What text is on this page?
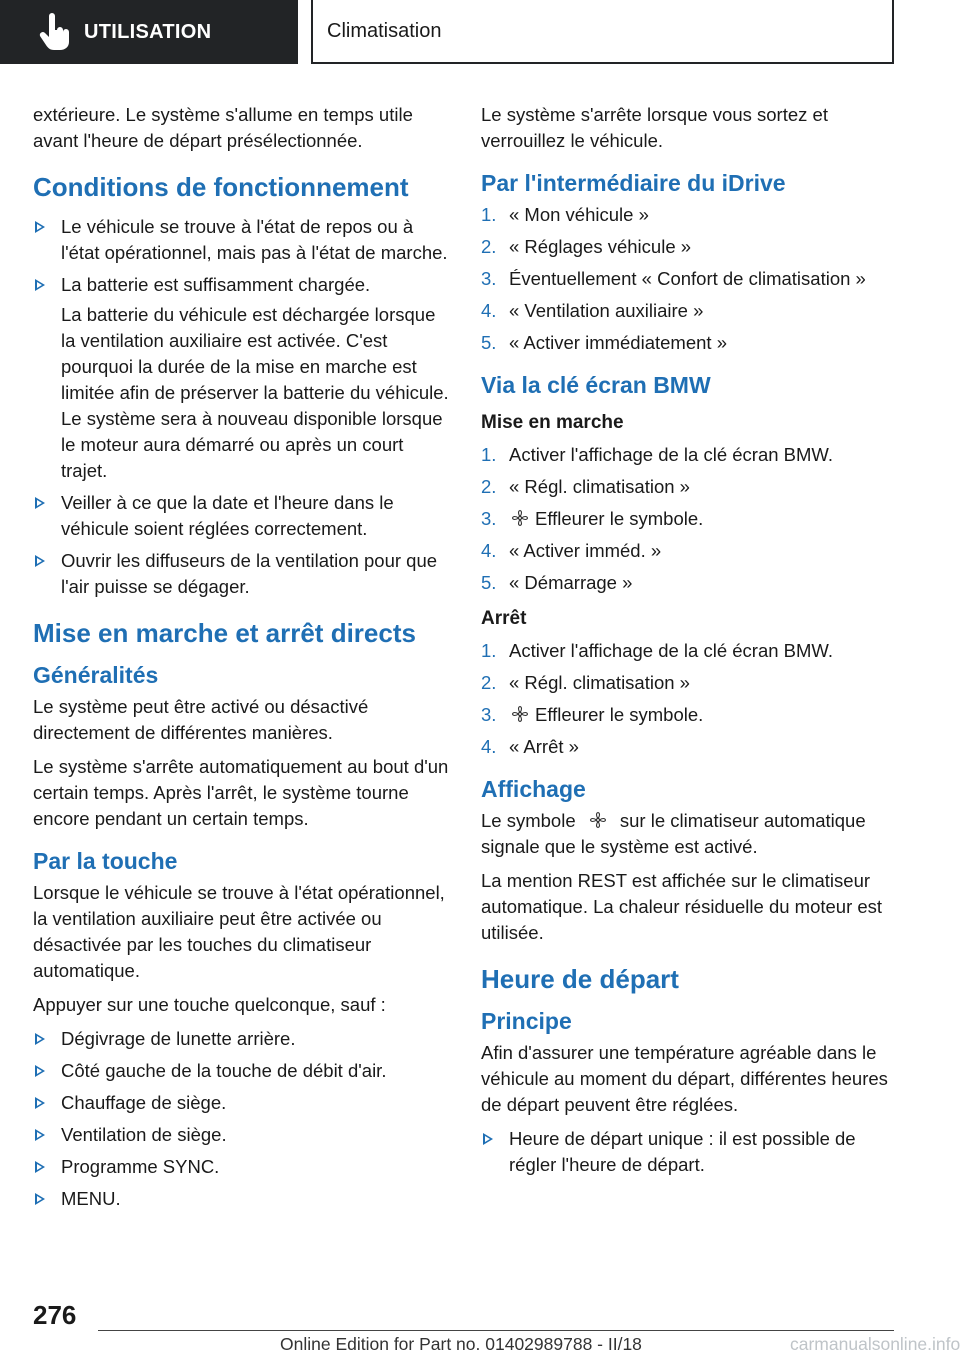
UTILISATION	Climatisation

extérieure. Le système s'allume en temps utile avant l'heure de départ présélectionnée.

Conditions de fonctionnement
Le véhicule se trouve à l'état de repos ou à l'état opérationnel, mais pas à l'état de marche.
La batterie est suffisamment chargée.
La batterie du véhicule est déchargée lorsque la ventilation auxiliaire est activée. C'est pourquoi la durée de la mise en marche est limitée afin de préserver la batterie du véhicule. Le système sera à nouveau disponible lorsque le moteur aura démarré ou après un court trajet.
Veiller à ce que la date et l'heure dans le véhicule soient réglées correctement.
Ouvrir les diffuseurs de la ventilation pour que l'air puisse se dégager.
Mise en marche et arrêt directs
Généralités

Le système peut être activé ou désactivé directement de différentes manières.

Le système s'arrête automatiquement au bout d'un certain temps. Après l'arrêt, le système tourne encore pendant un certain temps.

Par la touche

Lorsque le véhicule se trouve à l'état opérationnel, la ventilation auxiliaire peut être activée ou désactivée par les touches du climatiseur automatique.

Appuyer sur une touche quelconque, sauf :

Dégivrage de lunette arrière.
Côté gauche de la touche de débit d'air.
Chauffage de siège.
Ventilation de siège.
Programme SYNC.
MENU.

Le système s'arrête lorsque vous sortez et verrouillez le véhicule.

Par l'intermédiaire du iDrive
1. « Mon véhicule »
2. « Réglages véhicule »
3. Éventuellement « Confort de climatisation »
4. « Ventilation auxiliaire »
5. « Activer immédiatement »
Via la clé écran BMW
Mise en marche
1. Activer l'affichage de la clé écran BMW.
2. « Régl. climatisation »
3. Effleurer le symbole.
4. « Activer imméd. »
5. « Démarrage »
Arrêt
1. Activer l'affichage de la clé écran BMW.
2. « Régl. climatisation »
3. Effleurer le symbole.
4. « Arrêt »
Affichage

Le symbole sur le climatiseur automatique signale que le système est activé.

La mention REST est affichée sur le climatiseur automatique. La chaleur résiduelle du moteur est utilisée.

Heure de départ
Principe

Afin d'assurer une température agréable dans le véhicule au moment du départ, différentes heures de départ peuvent être réglées.

Heure de départ unique : il est possible de régler l'heure de départ.
276
Online Edition for Part no. 01402989788 - II/18	carmanualsonline.info
